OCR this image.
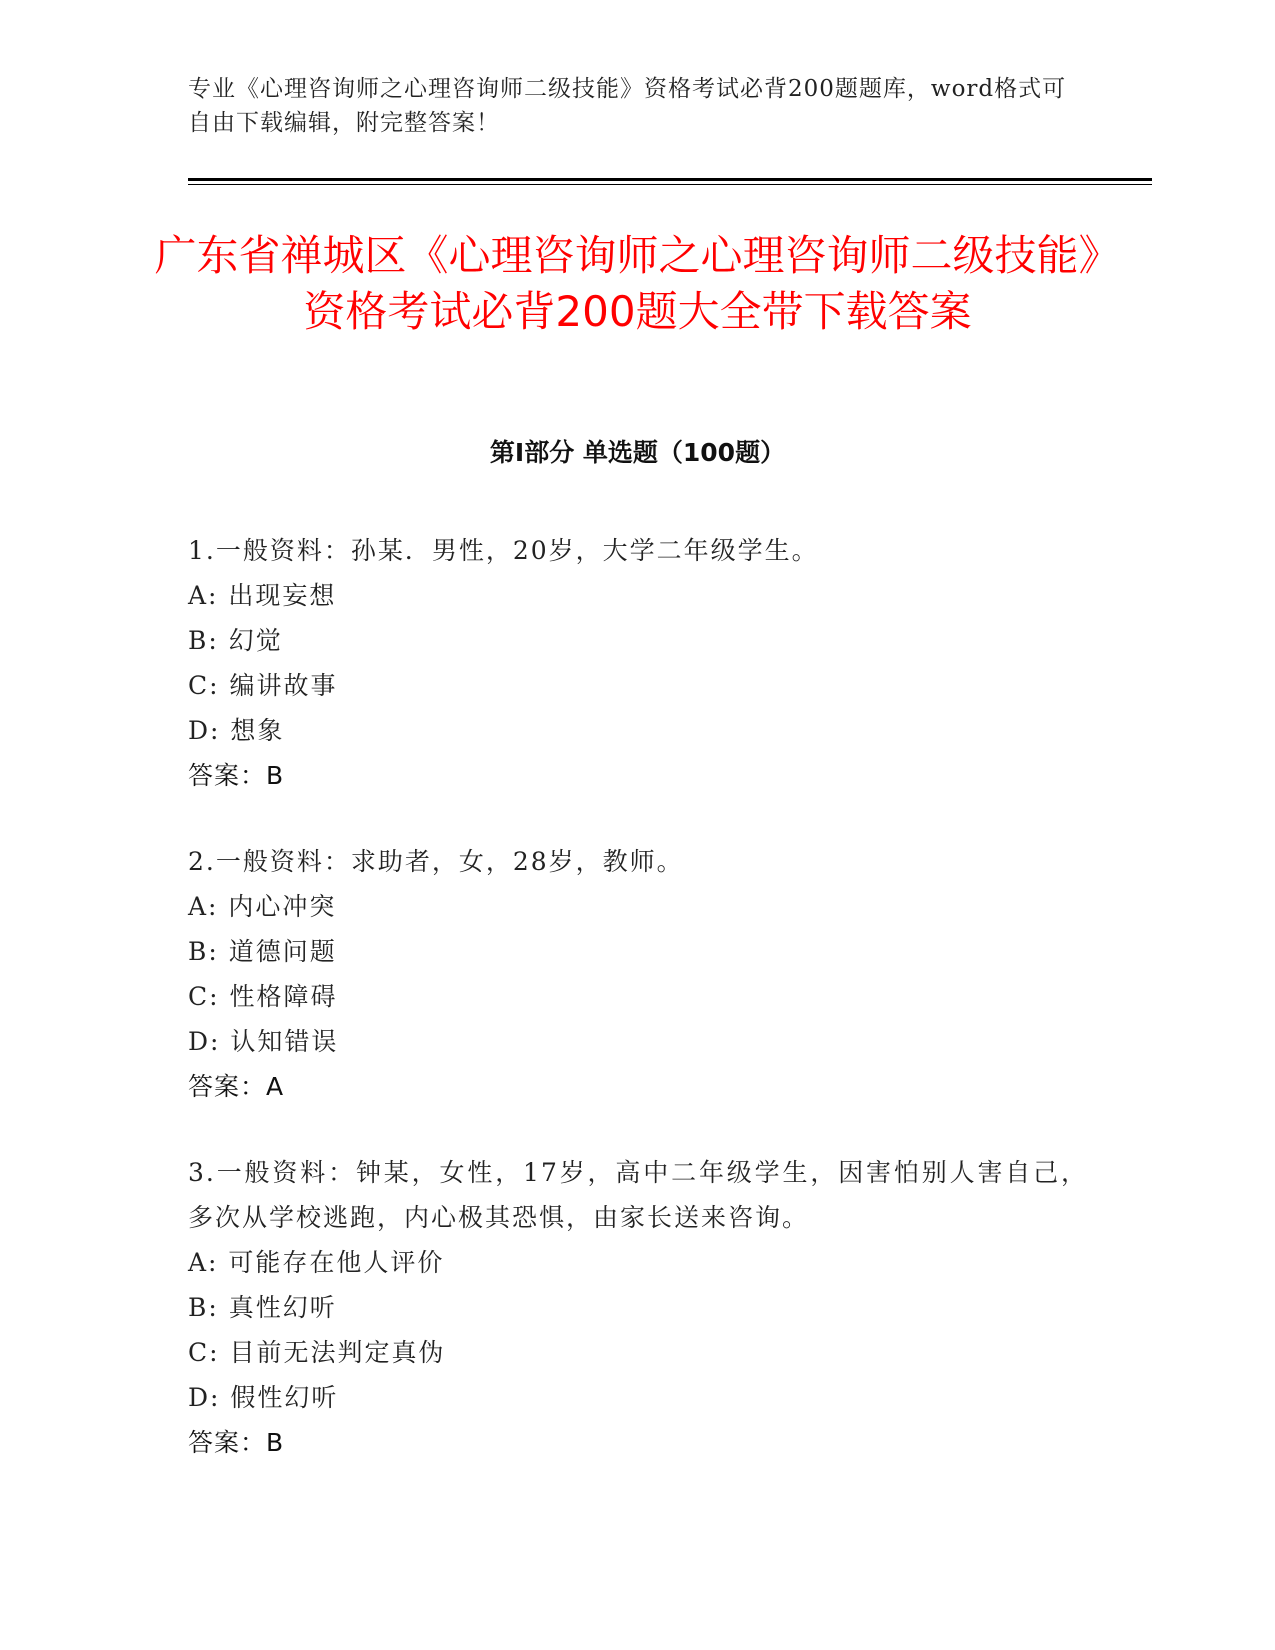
专业《心理咨询师之心理咨询师二级技能》资格考试必背200题题库，word格式可自由下载编辑，附完整答案！
广东省禅城区《心理咨询师之心理咨询师二级技能》资格考试必背200题大全带下载答案
第I部分 单选题（100题）
1.一般资料：孙某．男性，20岁，大学二年级学生。
A: 出现妄想
B: 幻觉
C: 编讲故事
D: 想象
答案：B
2.一般资料：求助者，女，28岁，教师。
A: 内心冲突
B: 道德问题
C: 性格障碍
D: 认知错误
答案：A
3.一般资料：钟某，女性，17岁，高中二年级学生，因害怕别人害自己，多次从学校逃跑，内心极其恐惧，由家长送来咨询。
A: 可能存在他人评价
B: 真性幻听
C: 目前无法判定真伪
D: 假性幻听
答案：B
